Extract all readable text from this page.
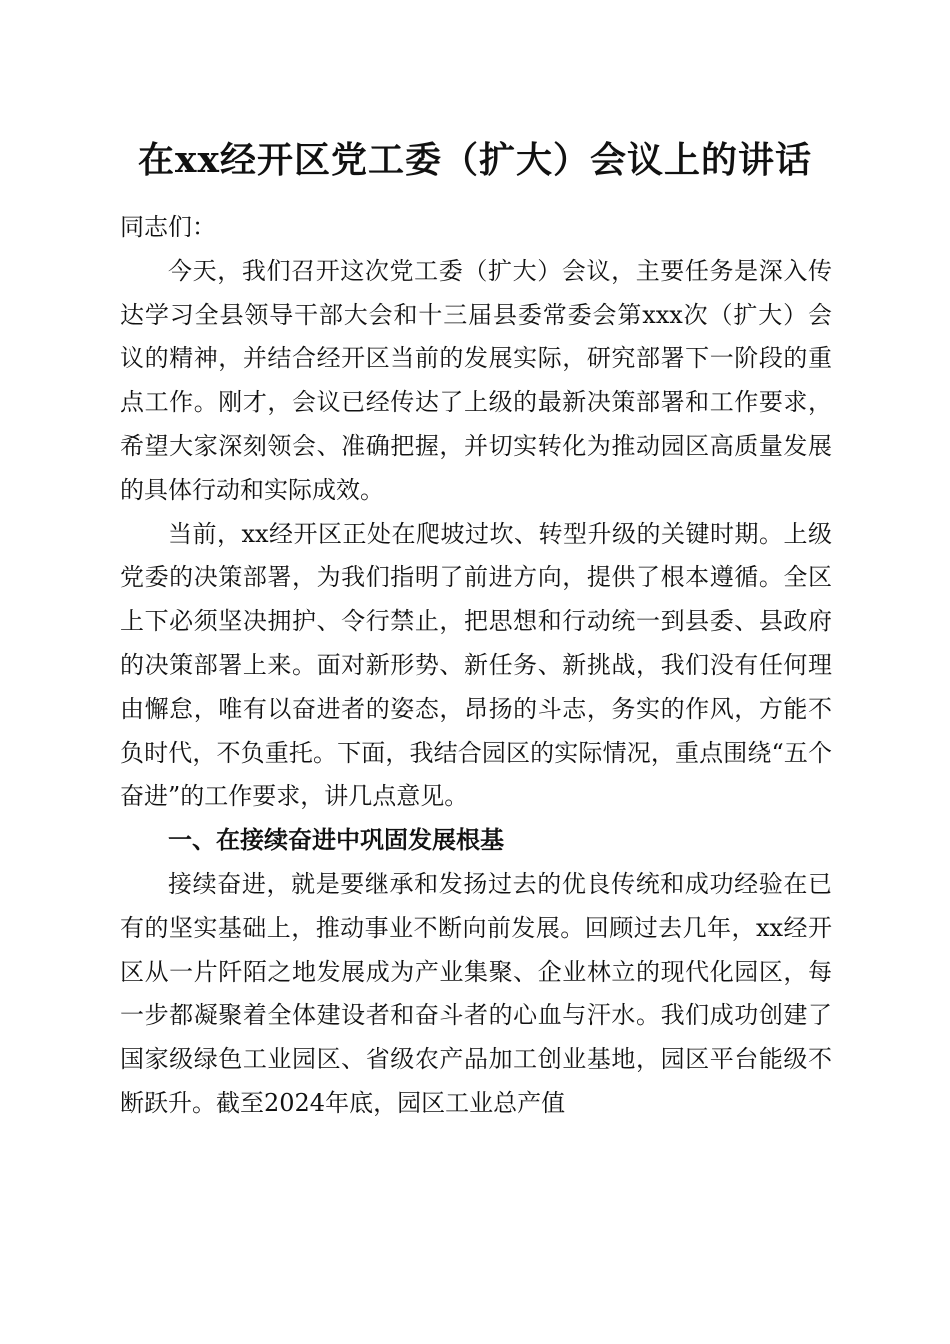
在xx经开区党工委（扩大）会议上的讲话

同志们：

今天，我们召开这次党工委（扩大）会议，主要任务是深入传达学习全县领导干部大会和十三届县委常委会第xxx次（扩大）会议的精神，并结合经开区当前的发展实际，研究部署下一阶段的重点工作。刚才，会议已经传达了上级的最新决策部署和工作要求，希望大家深刻领会、准确把握，并切实转化为推动园区高质量发展的具体行动和实际成效。

当前，xx经开区正处在爬坡过坎、转型升级的关键时期。上级党委的决策部署，为我们指明了前进方向，提供了根本遵循。全区上下必须坚决拥护、令行禁止，把思想和行动统一到县委、县政府的决策部署上来。面对新形势、新任务、新挑战，我们没有任何理由懈怠，唯有以奋进者的姿态，昂扬的斗志，务实的作风，方能不负时代，不负重托。下面，我结合园区的实际情况，重点围绕“五个奋进”的工作要求，讲几点意见。

一、在接续奋进中巩固发展根基

接续奋进，就是要继承和发扬过去的优良传统和成功经验在已有的坚实基础上，推动事业不断向前发展。回顾过去几年，xx经开区从一片阡陌之地发展成为产业集聚、企业林立的现代化园区，每一步都凝聚着全体建设者和奋斗者的心血与汗水。我们成功创建了国家级绿色工业园区、省级农产品加工创业基地，园区平台能级不断跃升。截至2024年底，园区工业总产值
